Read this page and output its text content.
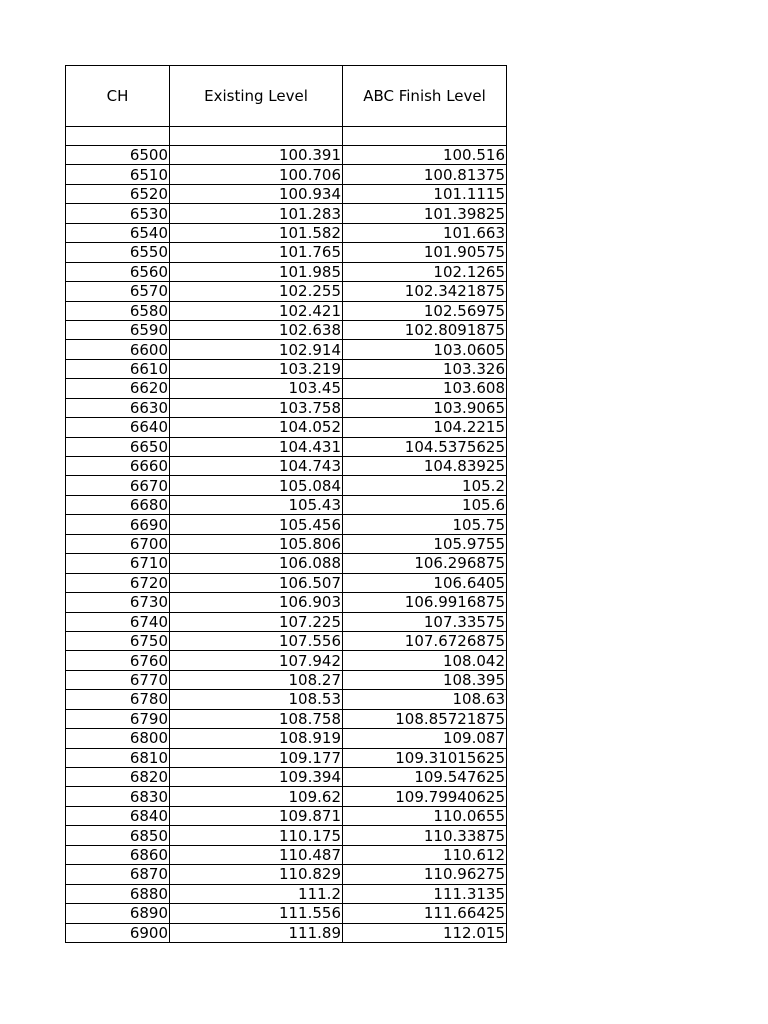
CH	Existing Level	ABC Finish Level

6500	100.391	100.516
6510	100.706	100.81375
6520	100.934	101.1115
6530	101.283	101.39825
6540	101.582	101.663
6550	101.765	101.90575
6560	101.985	102.1265
6570	102.255	102.3421875
6580	102.421	102.56975
6590	102.638	102.8091875
6600	102.914	103.0605
6610	103.219	103.326
6620	103.45	103.608
6630	103.758	103.9065
6640	104.052	104.2215
6650	104.431	104.5375625
6660	104.743	104.83925
6670	105.084	105.2
6680	105.43	105.6
6690	105.456	105.75
6700	105.806	105.9755
6710	106.088	106.296875
6720	106.507	106.6405
6730	106.903	106.9916875
6740	107.225	107.33575
6750	107.556	107.6726875
6760	107.942	108.042
6770	108.27	108.395
6780	108.53	108.63
6790	108.758	108.85721875
6800	108.919	109.087
6810	109.177	109.31015625
6820	109.394	109.547625
6830	109.62	109.79940625
6840	109.871	110.0655
6850	110.175	110.33875
6860	110.487	110.612
6870	110.829	110.96275
6880	111.2	111.3135
6890	111.556	111.66425
6900	111.89	112.015
